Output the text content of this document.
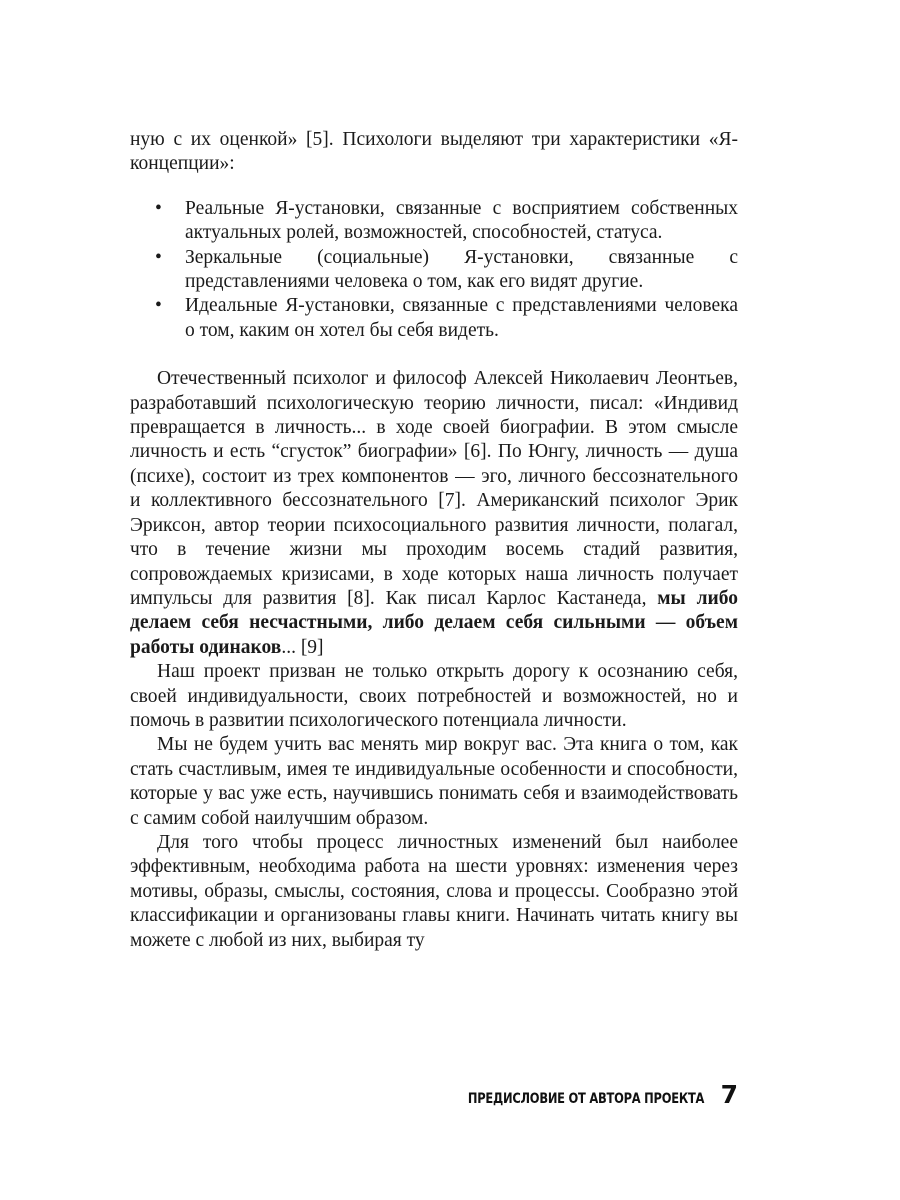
ную с их оценкой» [5]. Психологи выделяют три характеристики «Я-концепции»:

• Реальные Я-установки, связанные с восприятием собственных актуальных ролей, возможностей, способностей, статуса.
• Зеркальные (социальные) Я-установки, связанные с представлениями человека о том, как его видят другие.
• Идеальные Я-установки, связанные с представлениями человека о том, каким он хотел бы себя видеть.

Отечественный психолог и философ Алексей Николаевич Леонтьев, разработавший психологическую теорию личности, писал: «Индивид превращается в личность... в ходе своей биографии. В этом смысле личность и есть “сгусток” биографии» [6]. По Юнгу, личность — душа (психе), состоит из трех компонентов — эго, личного бессознательного и коллективного бессознательного [7]. Американский психолог Эрик Эриксон, автор теории психосоциального развития личности, полагал, что в течение жизни мы проходим восемь стадий развития, сопровождаемых кризисами, в ходе которых наша личность получает импульсы для развития [8]. Как писал Карлос Кастанеда, мы либо делаем себя несчастными, либо делаем себя сильными — объем работы одинаков... [9]

Наш проект призван не только открыть дорогу к осознанию себя, своей индивидуальности, своих потребностей и возможностей, но и помочь в развитии психологического потенциала личности.

Мы не будем учить вас менять мир вокруг вас. Эта книга о том, как стать счастливым, имея те индивидуальные особенности и способности, которые у вас уже есть, научившись понимать себя и взаимодействовать с самим собой наилучшим образом.

Для того чтобы процесс личностных изменений был наиболее эффективным, необходима работа на шести уровнях: изменения через мотивы, образы, смыслы, состояния, слова и процессы. Сообразно этой классификации и организованы главы книги. Начинать читать книгу вы можете с любой из них, выбирая ту

ПРЕДИСЛОВИЕ ОТ АВТОРА ПРОЕКТА 7
